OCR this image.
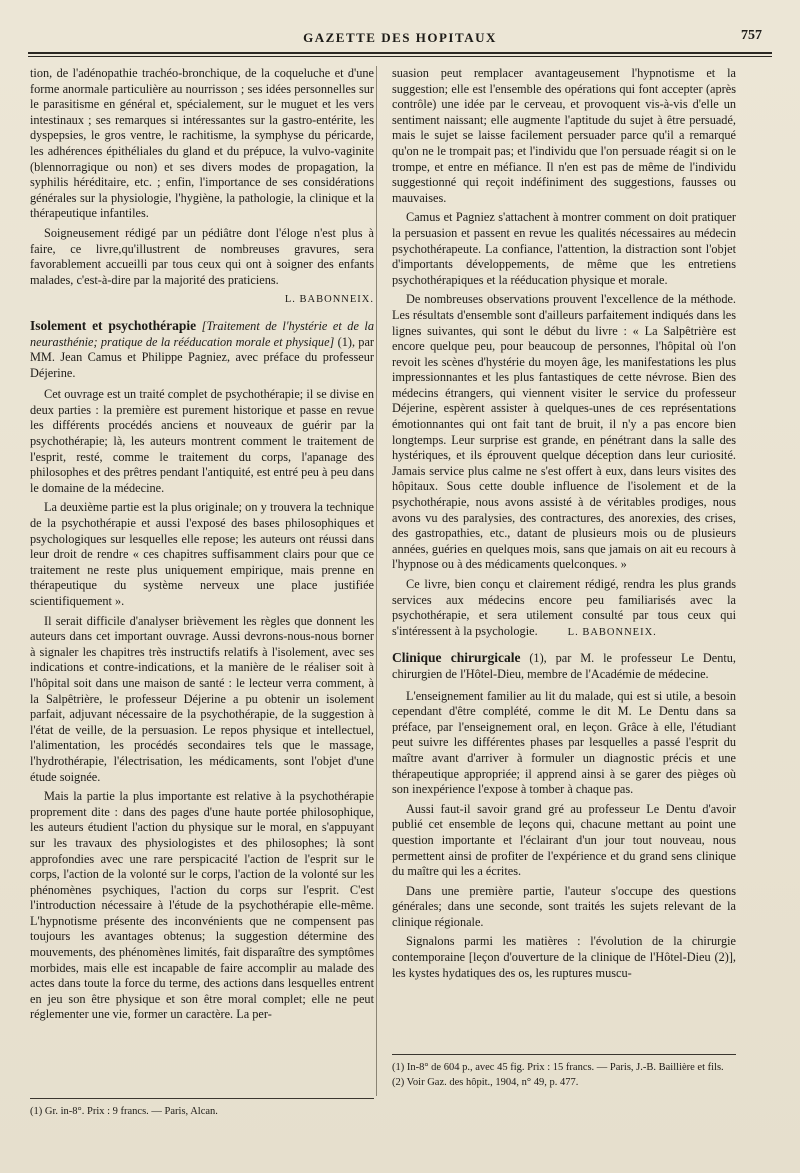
GAZETTE DES HOPITAUX	757

tion, de l'adénopathie trachéo-bronchique, de la coqueluche et d'une forme anormale particulière au nourrisson ; ses idées personnelles sur le parasitisme en général et, spécialement, sur le muguet et les vers intestinaux ; ses remarques si intéressantes sur la gastro-entérite, les dyspepsies, le gros ventre, le rachitisme, la symphyse du péricarde, les adhérences épithéliales du gland et du prépuce, la vulvo-vaginite (blennorragique ou non) et ses divers modes de propagation, la syphilis héréditaire, etc. ; enfin, l'importance de ses considérations générales sur la physiologie, l'hygiène, la pathologie, la clinique et la thérapeutique infantiles.

Soigneusement rédigé par un pédiâtre dont l'éloge n'est plus à faire, ce livre,qu'illustrent de nombreuses gravures, sera favorablement accueilli par tous ceux qui ont à soigner des enfants malades, c'est-à-dire par la majorité des praticiens.

L. BABONNEIX.

Isolement et psychothérapie [Traitement de l'hystérie et de la neurasthénie; pratique de la rééducation morale et physique] (1), par MM. Jean Camus et Philippe Pagniez, avec préface du professeur Déjerine.

Cet ouvrage est un traité complet de psychothérapie; il se divise en deux parties : la première est purement historique et passe en revue les différents procédés anciens et nouveaux de guérir par la psychothérapie; là, les auteurs montrent comment le traitement de l'esprit, resté, comme le traitement du corps, l'apanage des philosophes et des prêtres pendant l'antiquité, est entré peu à peu dans le domaine de la médecine.

La deuxième partie est la plus originale; on y trouvera la technique de la psychothérapie et aussi l'exposé des bases philosophiques et psychologiques sur lesquelles elle repose; les auteurs ont réussi dans leur droit de rendre « ces chapitres suffisamment clairs pour que ce traitement ne reste plus uniquement empirique, mais prenne en thérapeutique du système nerveux une place justifiée scientifiquement ».

Il serait difficile d'analyser brièvement les règles que donnent les auteurs dans cet important ouvrage. Aussi devrons-nous-nous borner à signaler les chapitres très instructifs relatifs à l'isolement, avec ses indications et contre-indications, et la manière de le réaliser soit à l'hôpital soit dans une maison de santé : le lecteur verra comment, à la Salpêtrière, le professeur Déjerine a pu obtenir un isolement parfait, adjuvant nécessaire de la psychothérapie, de la suggestion à l'état de veille, de la persuasion. Le repos physique et intellectuel, l'alimentation, les procédés secondaires tels que le massage, l'hydrothérapie, l'électrisation, les médicaments, sont l'objet d'une étude soignée.

Mais la partie la plus importante est relative à la psychothérapie proprement dite : dans des pages d'une haute portée philosophique, les auteurs étudient l'action du physique sur le moral, en s'appuyant sur les travaux des physiologistes et des philosophes; là sont approfondies avec une rare perspicacité l'action de l'esprit sur le corps, l'action de la volonté sur le corps, l'action de la volonté sur les phénomènes psychiques, l'action du corps sur l'esprit. C'est l'introduction nécessaire à l'étude de la psychothérapie elle-même. L'hypnotisme présente des inconvénients que ne compensent pas toujours les avantages obtenus; la suggestion détermine des mouvements, des phénomènes limités, fait disparaître des symptômes morbides, mais elle est incapable de faire accomplir au malade des actes dans toute la force du terme, des actions dans lesquelles entrent en jeu son être physique et son être moral complet; elle ne peut réglementer une vie, former un caractère. La per-

(1) Gr. in-8°. Prix : 9 francs. — Paris, Alcan.

suasion peut remplacer avantageusement l'hypnotisme et la suggestion; elle est l'ensemble des opérations qui font accepter (après contrôle) une idée par le cerveau, et provoquent vis-à-vis d'elle un sentiment naissant; elle augmente l'aptitude du sujet à être persuadé, mais le sujet se laisse facilement persuader parce qu'il a remarqué qu'on ne le trompait pas; et l'individu que l'on persuade réagit si on le trompe, et entre en méfiance. Il n'en est pas de même de l'individu suggestionné qui reçoit indéfiniment des suggestions, fausses ou mauvaises.

Camus et Pagniez s'attachent à montrer comment on doit pratiquer la persuasion et passent en revue les qualités nécessaires au médecin psychothérapeute. La confiance, l'attention, la distraction sont l'objet d'importants développements, de même que les entretiens psychothérapiques et la rééducation physique et morale.

De nombreuses observations prouvent l'excellence de la méthode. Les résultats d'ensemble sont d'ailleurs parfaitement indiqués dans les lignes suivantes, qui sont le début du livre : « La Salpêtrière est encore quelque peu, pour beaucoup de personnes, l'hôpital où l'on revoit les scènes d'hystérie du moyen âge, les manifestations les plus impressionnantes et les plus fantastiques de cette névrose. Bien des médecins étrangers, qui viennent visiter le service du professeur Déjerine, espèrent assister à quelques-unes de ces représentations émotionnantes qui ont fait tant de bruit, il n'y a pas encore bien longtemps. Leur surprise est grande, en pénétrant dans la salle des hystériques, et ils éprouvent quelque déception dans leur curiosité. Jamais service plus calme ne s'est offert à eux, dans leurs visites des hôpitaux. Sous cette double influence de l'isolement et de la psychothérapie, nous avons assisté à de véritables prodiges, nous avons vu des paralysies, des contractures, des anorexies, des crises, des gastropathies, etc., datant de plusieurs mois ou de plusieurs années, guéries en quelques mois, sans que jamais on ait eu recours à l'hypnose ou à des médicaments quelconques. »

Ce livre, bien conçu et clairement rédigé, rendra les plus grands services aux médecins encore peu familiarisés avec la psychothérapie, et sera utilement consulté par tous ceux qui s'intéressent à la psychologie.	L. BABONNEIX.

Clinique chirurgicale (1), par M. le professeur Le Dentu, chirurgien de l'Hôtel-Dieu, membre de l'Académie de médecine.

L'enseignement familier au lit du malade, qui est si utile, a besoin cependant d'être complété, comme le dit M. Le Dentu dans sa préface, par l'enseignement oral, en leçon. Grâce à elle, l'étudiant peut suivre les différentes phases par lesquelles a passé l'esprit du maître avant d'arriver à formuler un diagnostic précis et une thérapeutique appropriée; il apprend ainsi à se garer des pièges où son inexpérience l'expose à tomber à chaque pas.

Aussi faut-il savoir grand gré au professeur Le Dentu d'avoir publié cet ensemble de leçons qui, chacune mettant au point une question importante et l'éclairant d'un jour tout nouveau, nous permettent ainsi de profiter de l'expérience et du grand sens clinique du maître qui les a écrites.

Dans une première partie, l'auteur s'occupe des questions générales; dans une seconde, sont traités les sujets relevant de la clinique régionale.

Signalons parmi les matières : l'évolution de la chirurgie contemporaine [leçon d'ouverture de la clinique de l'Hôtel-Dieu (2)], les kystes hydatiques des os, les ruptures muscu-

(1) In-8° de 604 p., avec 45 fig. Prix : 15 francs. — Paris, J.-B. Baillière et fils.

(2) Voir Gaz. des hôpit., 1904, n° 49, p. 477.
